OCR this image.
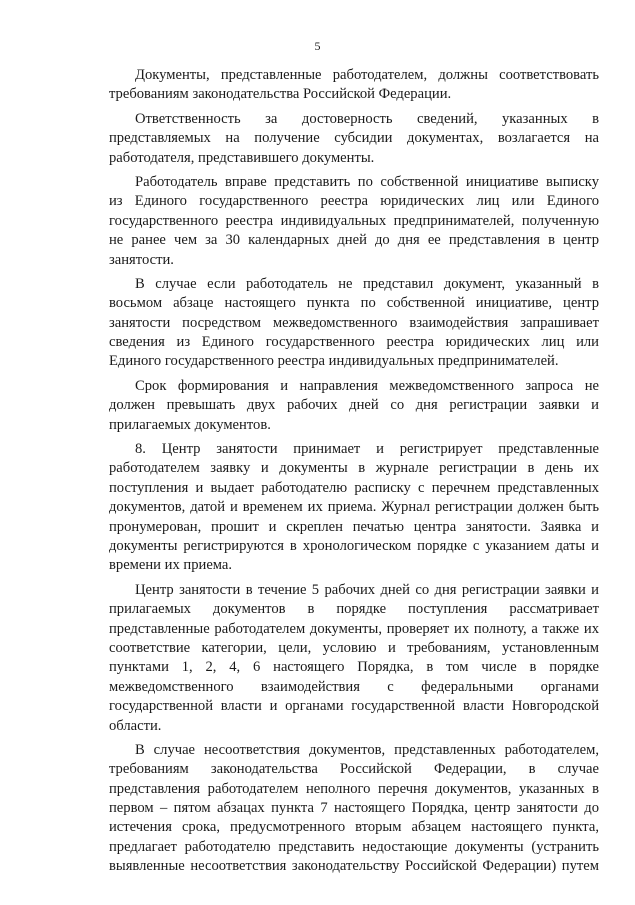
5
Документы, представленные работодателем, должны соответствовать
требованиям законодательства Российской Федерации.
Ответственность за достоверность сведений, указанных в
представляемых на получение субсидии документах, возлагается на
работодателя, представившего документы.
Работодатель вправе представить по собственной инициативе выписку
из Единого государственного реестра юридических лиц или Единого
государственного реестра индивидуальных предпринимателей, полученную
не ранее чем за 30 календарных дней до дня ее представления в центр
занятости.
В случае если работодатель не представил документ, указанный в
восьмом абзаце настоящего пункта по собственной инициативе, центр
занятости посредством межведомственного взаимодействия запрашивает
сведения из Единого государственного реестра юридических лиц или
Единого государственного реестра индивидуальных предпринимателей.
Срок формирования и направления межведомственного запроса не
должен превышать двух рабочих дней со дня регистрации заявки и
прилагаемых документов.
8. Центр занятости принимает и регистрирует представленные
работодателем заявку и документы в журнале регистрации в день их
поступления и выдает работодателю расписку с перечнем представленных
документов, датой и временем их приема. Журнал регистрации должен быть
пронумерован, прошит и скреплен печатью центра занятости. Заявка и
документы регистрируются в хронологическом порядке с указанием даты и
времени их приема.
Центр занятости в течение 5 рабочих дней со дня регистрации заявки и
прилагаемых документов в порядке поступления рассматривает
представленные работодателем документы, проверяет их полноту, а также их
соответствие категории, цели, условию и требованиям, установленным
пунктами 1, 2, 4, 6 настоящего Порядка, в том числе в порядке
межведомственного взаимодействия с федеральными органами
государственной власти и органами государственной власти Новгородской
области.
В случае несоответствия документов, представленных работодателем,
требованиям законодательства Российской Федерации, в случае
представления работодателем неполного перечня документов, указанных в
первом – пятом абзацах пункта 7 настоящего Порядка, центр занятости до
истечения срока, предусмотренного вторым абзацем настоящего пункта,
предлагает работодателю представить недостающие документы (устранить
выявленные несоответствия законодательству Российской Федерации) путем
